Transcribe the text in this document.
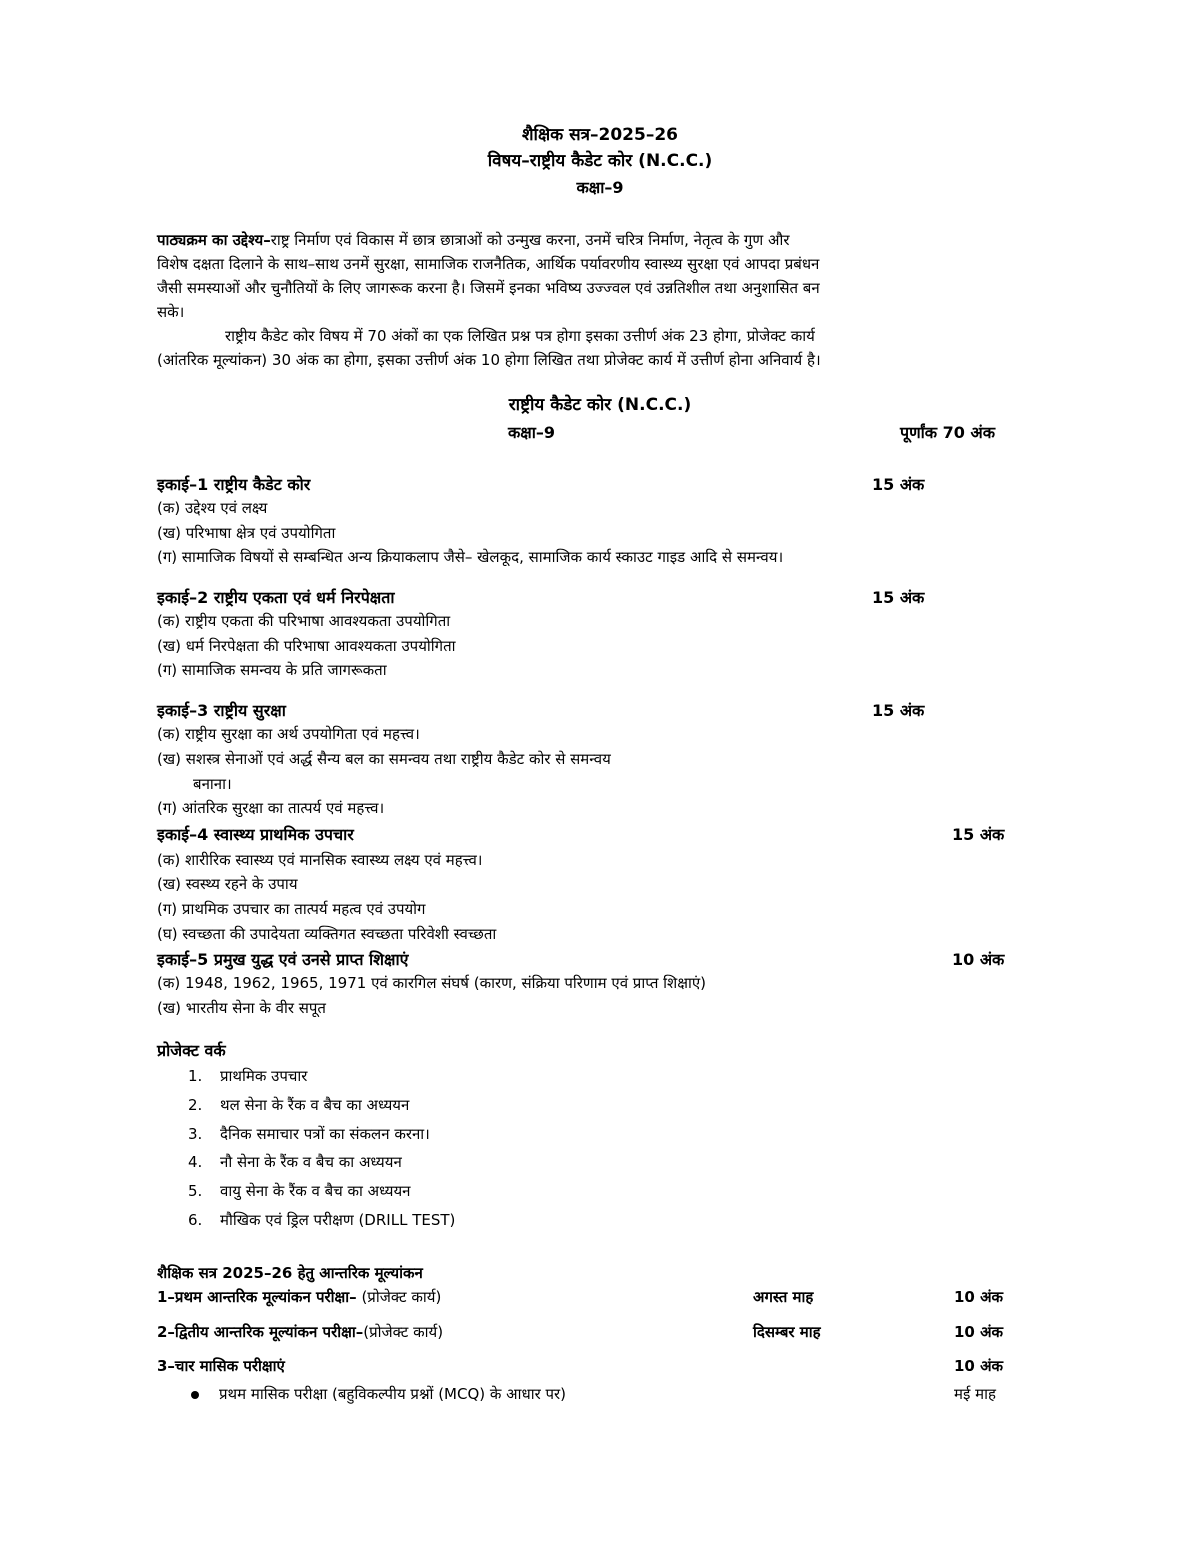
शैक्षिक सत्र–2025–26
विषय–राष्ट्रीय कैडेट कोर (N.C.C.)
कक्षा–9
पाठ्यक्रम का उद्देश्य–राष्ट्र निर्माण एवं विकास में छात्र छात्राओं को उन्मुख करना, उनमें चरित्र निर्माण, नेतृत्व के गुण और
विशेष दक्षता दिलाने के साथ–साथ उनमें सुरक्षा, सामाजिक राजनैतिक, आर्थिक पर्यावरणीय स्वास्थ्य सुरक्षा एवं आपदा प्रबंधन
जैसी समस्याओं और चुनौतियों के लिए जागरूक करना है। जिसमें इनका भविष्य उज्ज्वल एवं उन्नतिशील तथा अनुशासित बन
सके।
राष्ट्रीय कैडेट कोर विषय में 70 अंकों का एक लिखित प्रश्न पत्र होगा इसका उत्तीर्ण अंक 23 होगा, प्रोजेक्ट कार्य
(आंतरिक मूल्यांकन) 30 अंक का होगा, इसका उत्तीर्ण अंक 10 होगा लिखित तथा प्रोजेक्ट कार्य में उत्तीर्ण होना अनिवार्य है।
राष्ट्रीय कैडेट कोर (N.C.C.)
कक्षा–9	पूर्णांक 70 अंक
इकाई–1 राष्ट्रीय कैडेट कोर	15 अंक
(क) उद्देश्य एवं लक्ष्य
(ख) परिभाषा क्षेत्र एवं उपयोगिता
(ग) सामाजिक विषयों से सम्बन्धित अन्य क्रियाकलाप जैसे– खेलकूद, सामाजिक कार्य स्काउट गाइड आदि से समन्वय।
इकाई–2 राष्ट्रीय एकता एवं धर्म निरपेक्षता	15 अंक
(क) राष्ट्रीय एकता की परिभाषा आवश्यकता उपयोगिता
(ख) धर्म निरपेक्षता की परिभाषा आवश्यकता उपयोगिता
(ग) सामाजिक समन्वय के प्रति जागरूकता
इकाई–3 राष्ट्रीय सुरक्षा	15 अंक
(क) राष्ट्रीय सुरक्षा का अर्थ उपयोगिता एवं महत्त्व।
(ख) सशस्त्र सेनाओं एवं अर्द्ध सैन्य बल का समन्वय तथा राष्ट्रीय कैडेट कोर से समन्वय
बनाना।
(ग) आंतरिक सुरक्षा का तात्पर्य एवं महत्त्व।
इकाई–4 स्वास्थ्य प्राथमिक उपचार	15 अंक
(क) शारीरिक स्वास्थ्य एवं मानसिक स्वास्थ्य लक्ष्य एवं महत्त्व।
(ख) स्वस्थ्य रहने के उपाय
(ग) प्राथमिक उपचार का तात्पर्य महत्व एवं उपयोग
(घ) स्वच्छता की उपादेयता व्यक्तिगत स्वच्छता परिवेशी स्वच्छता
इकाई–5 प्रमुख युद्ध एवं उनसे प्राप्त शिक्षाएं	10 अंक
(क) 1948, 1962, 1965, 1971 एवं कारगिल संघर्ष (कारण, संक्रिया परिणाम एवं प्राप्त शिक्षाएं)
(ख) भारतीय सेना के वीर सपूत
प्रोजेक्ट वर्क
1. प्राथमिक उपचार
2. थल सेना के रैंक व बैच का अध्ययन
3. दैनिक समाचार पत्रों का संकलन करना।
4. नौ सेना के रैंक व बैच का अध्ययन
5. वायु सेना के रैंक व बैच का अध्ययन
6. मौखिक एवं ड्रिल परीक्षण (DRILL TEST)
शैक्षिक सत्र 2025–26 हेतु आन्तरिक मूल्यांकन
1–प्रथम आन्तरिक मूल्यांकन परीक्षा– (प्रोजेक्ट कार्य)	अगस्त माह	10 अंक
2–द्वितीय आन्तरिक मूल्यांकन परीक्षा–(प्रोजेक्ट कार्य)	दिसम्बर माह	10 अंक
3–चार मासिक परीक्षाएं	10 अंक
प्रथम मासिक परीक्षा (बहुविकल्पीय प्रश्नों (MCQ) के आधार पर)	मई माह
